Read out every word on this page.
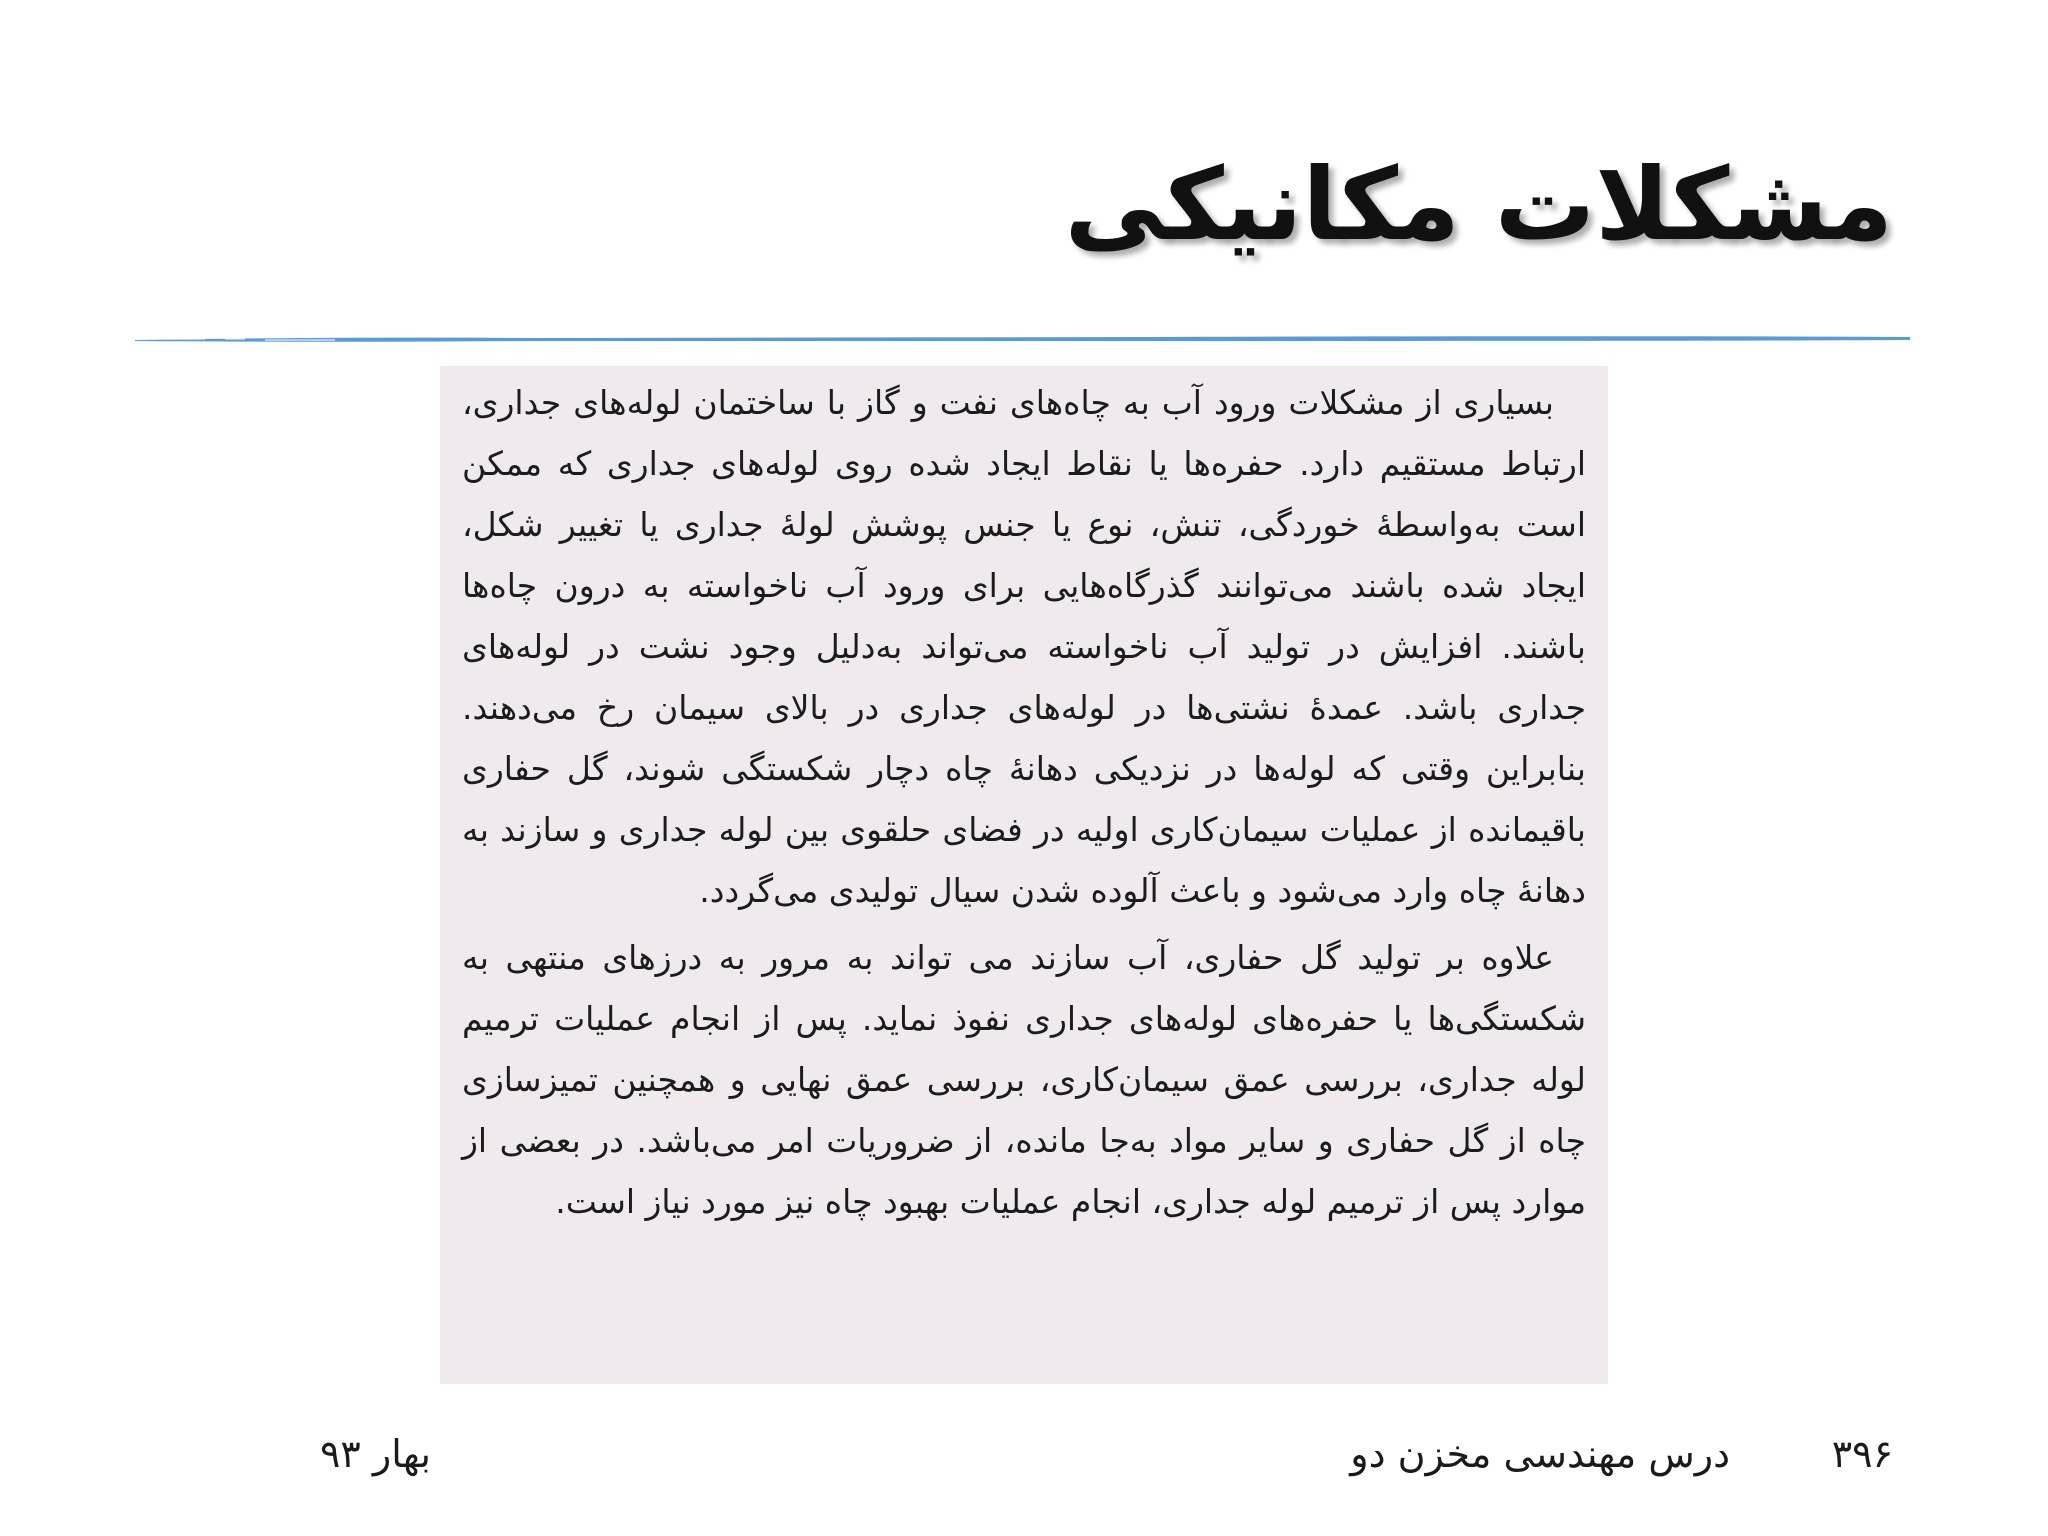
مشکلات مکانیکی

بسیاری از مشکلات ورود آب به چاه‌های نفت و گاز با ساختمان لوله‌های جداری، ارتباط مستقیم دارد. حفره‌ها یا نقاط ایجاد شده روی لوله‌های جداری که ممکن است به‌واسطهٔ خوردگی، تنش، نوع یا جنس پوشش لولهٔ جداری یا تغییر شکل، ایجاد شده باشند می‌توانند گذرگاه‌هایی برای ورود آب ناخواسته به درون چاه‌ها باشند. افزایش در تولید آب ناخواسته می‌تواند به‌دلیل وجود نشت در لوله‌های جداری باشد. عمدهٔ نشتی‌ها در لوله‌های جداری در بالای سیمان رخ می‌دهند. بنابراین وقتی که لوله‌ها در نزدیکی دهانهٔ چاه دچار شکستگی شوند، گل حفاری باقیمانده از عملیات سیمان‌کاری اولیه در فضای حلقوی بین لوله جداری و سازند به دهانهٔ چاه وارد می‌شود و باعث آلوده شدن سیال تولیدی می‌گردد.

علاوه بر تولید گل حفاری، آب سازند می تواند به مرور به درزهای منتهی به شکستگی‌ها یا حفره‌های لوله‌های جداری نفوذ نماید. پس از انجام عملیات ترمیم لوله جداری، بررسی عمق سیمان‌کاری، بررسی عمق نهایی و همچنین تمیزسازی چاه از گل حفاری و سایر مواد به‌جا مانده، از ضروریات امر می‌باشد. در بعضی از موارد پس از ترمیم لوله جداری، انجام عملیات بهبود چاه نیز مورد نیاز است.

۳۹۶
درس مهندسی مخزن دو
بهار ۹۳
